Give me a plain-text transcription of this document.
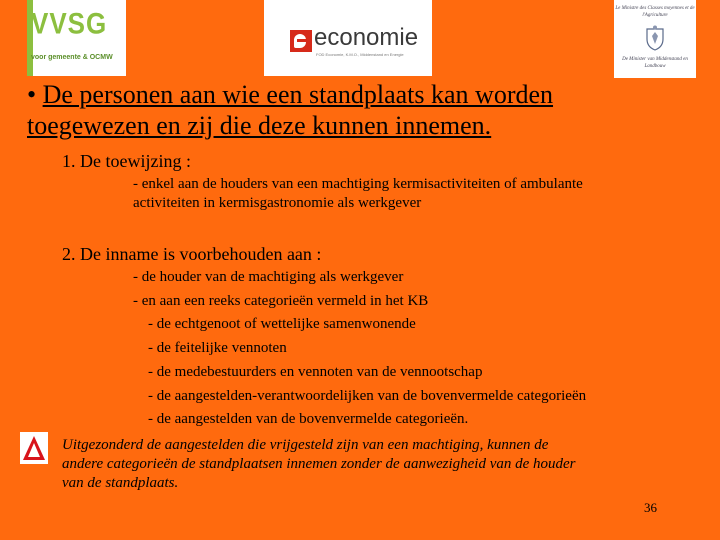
VVSG
voor gemeente & OCMW
economie
FOD Economie, K.M.O., Middenstand en Energie
Le Ministre des Classes moyennes et de l'Agriculture
De Minister van Middenstand en Landbouw
• De personen aan wie een standplaats kan worden
toegewezen en zij die deze kunnen innemen.
1. De toewijzing :
- enkel aan de houders van een machtiging kermisactiviteiten of ambulante
activiteiten in kermisgastronomie als werkgever
2. De inname is voorbehouden aan :
- de houder van de machtiging als werkgever
- en aan een reeks categorieën vermeld in het KB
- de echtgenoot of wettelijke samenwonende
- de feitelijke vennoten
- de medebestuurders en vennoten van de vennootschap
- de aangestelden-verantwoordelijken van de bovenvermelde categorieën
- de aangestelden van de bovenvermelde categorieën.
Uitgezonderd de aangestelden die vrijgesteld zijn van een machtiging, kunnen de
andere categorieën de standplaatsen innemen zonder de aanwezigheid van de houder
van de standplaats.
36
